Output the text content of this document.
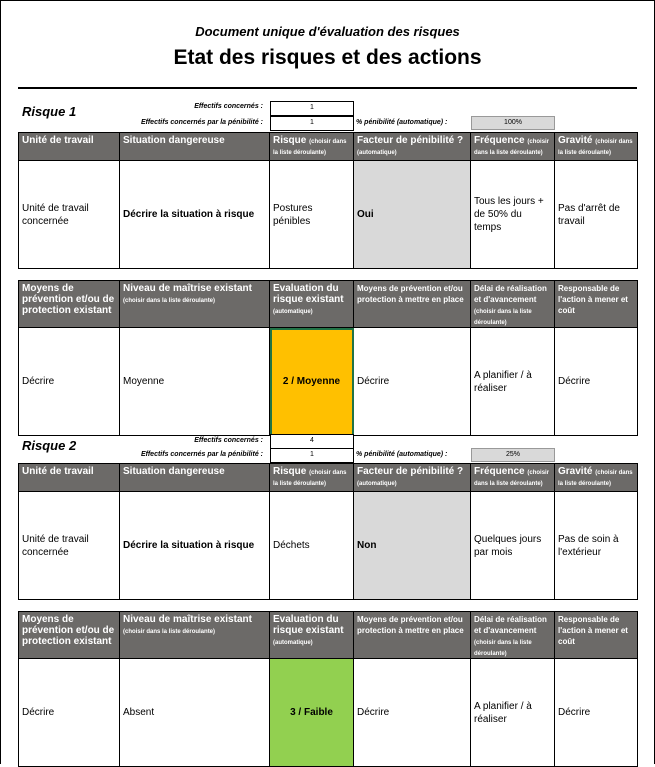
Document unique d'évaluation des risques
Etat des risques et des actions
Risque 1	Effectifs concernés :	1
Effectifs concernés par la pénibilité :	1	% pénibilité (automatique) :	100%
Unité de travail	Situation dangereuse	Risque (choisir dans la liste déroulante)	Facteur de pénibilité ? (automatique)	Fréquence (choisir dans la liste déroulante)	Gravité (choisir dans la liste déroulante)
Unité de travail concernée	Décrire la situation à risque	Postures pénibles	Oui	Tous les jours + de 50% du temps	Pas d'arrêt de travail
Moyens de prévention et/ou de protection existant	Niveau de maîtrise existant (choisir dans la liste déroulante)	Evaluation du risque existant (automatique)	Moyens de prévention et/ou protection à mettre en place	Délai de réalisation et d'avancement (choisir dans la liste déroulante)	Responsable de l'action à mener et coût
Décrire	Moyenne	2 / Moyenne	Décrire	A planifier / à réaliser	Décrire
Risque 2	Effectifs concernés :	4
Effectifs concernés par la pénibilité :	1	% pénibilité (automatique) :	25%
Unité de travail	Situation dangereuse	Risque (choisir dans la liste déroulante)	Facteur de pénibilité ? (automatique)	Fréquence (choisir dans la liste déroulante)	Gravité (choisir dans la liste déroulante)
Unité de travail concernée	Décrire la situation à risque	Déchets	Non	Quelques jours par mois	Pas de soin à l'extérieur
Moyens de prévention et/ou de protection existant	Niveau de maîtrise existant (choisir dans la liste déroulante)	Evaluation du risque existant (automatique)	Moyens de prévention et/ou protection à mettre en place	Délai de réalisation et d'avancement (choisir dans la liste déroulante)	Responsable de l'action à mener et coût
Décrire	Absent	3 / Faible	Décrire	A planifier / à réaliser	Décrire
